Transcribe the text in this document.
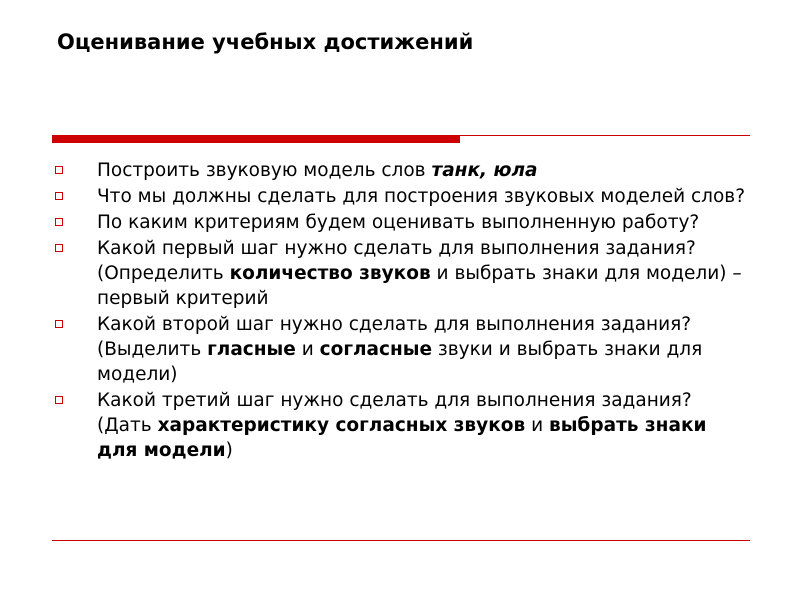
Оценивание учебных достижений
Построить звуковую модель слов танк, юла
Что мы должны сделать для построения звуковых моделей слов?
По каким критериям будем оценивать выполненную работу?
Какой первый шаг нужно сделать для выполнения задания? (Определить количество звуков и выбрать знаки для модели) – первый критерий
Какой второй шаг нужно сделать для выполнения задания? (Выделить гласные и согласные звуки и выбрать знаки для модели)
Какой третий шаг нужно сделать для выполнения задания? (Дать характеристику согласных звуков и выбрать знаки для модели)
